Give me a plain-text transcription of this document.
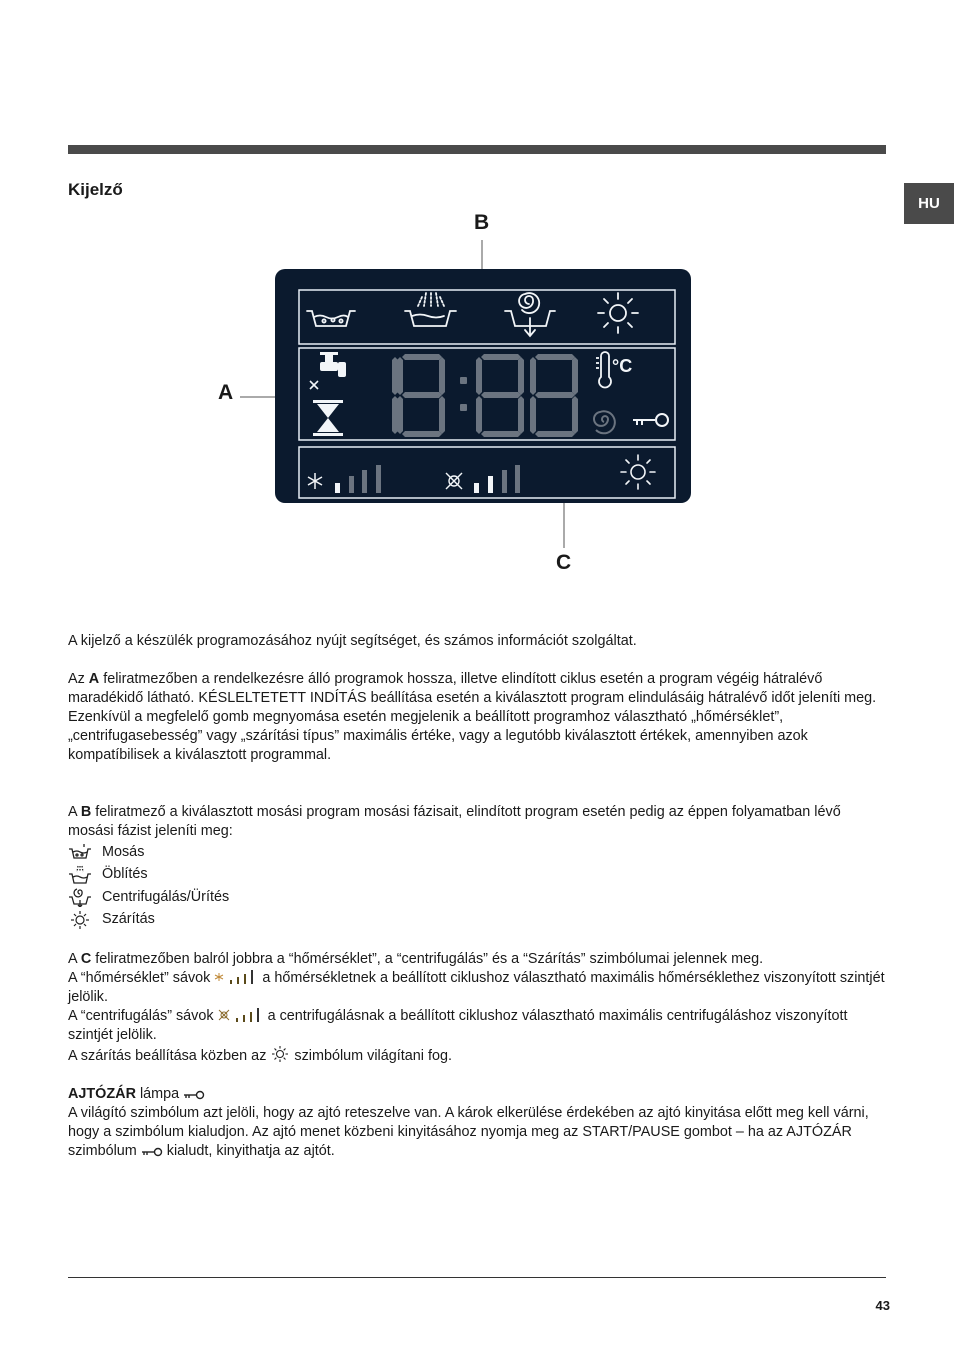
HU
Kijelző
°C
B
A
C

A kijelző a készülék programozásához nyújt segítséget, és számos információt szolgáltat.

Az A feliratmezőben a rendelkezésre álló programok hossza, illetve elindított ciklus esetén a program végéig hátralévő maradékidő látható. KÉSLELTETETT INDÍTÁS beállítása esetén a kiválasztott program elindulásáig hátralévő időt jeleníti meg.

Ezenkívül a megfelelő gomb megnyomása esetén megjelenik a beállított programhoz választható „hőmérséklet”, „centrifugasebesség” vagy „szárítási típus” maximális értéke, vagy a legutóbb kiválasztott értékek, amennyiben azok kompatíbilisek a kiválasztott programmal.

A B feliratmező a kiválasztott mosási program mosási fázisait, elindított program esetén pedig az éppen folyamatban lévő mosási fázist jeleníti meg:

Mosás
Öblítés
Centrifugálás/Ürítés
Szárítás

A C feliratmezőben balról jobbra a “hőmérséklet”, a “centrifugálás” és a “Szárítás” szimbólumai jelennek meg.

A “hőmérséklet” sávok	a hőmérsékletnek a beállított ciklushoz választható maximális hőmérséklethez viszonyított szintjét jelölik.

A “centrifugálás” sávok	a centrifugálásnak a beállított ciklushoz választható maximális centrifugáláshoz viszonyított szintjét jelölik.

A szárítás beállítása közben az  szimbólum világítani fog.

AJTÓZÁR lámpa

A világító szimbólum azt jelöli, hogy az ajtó reteszelve van. A károk elkerülése érdekében az ajtó kinyitása előtt meg kell várni, hogy a szimbólum kialudjon. Az ajtó menet közbeni kinyitásához nyomja meg az START/PAUSE gombot – ha az AJTÓZÁR szimbólum  kialudt, kinyithatja az ajtót.

43
